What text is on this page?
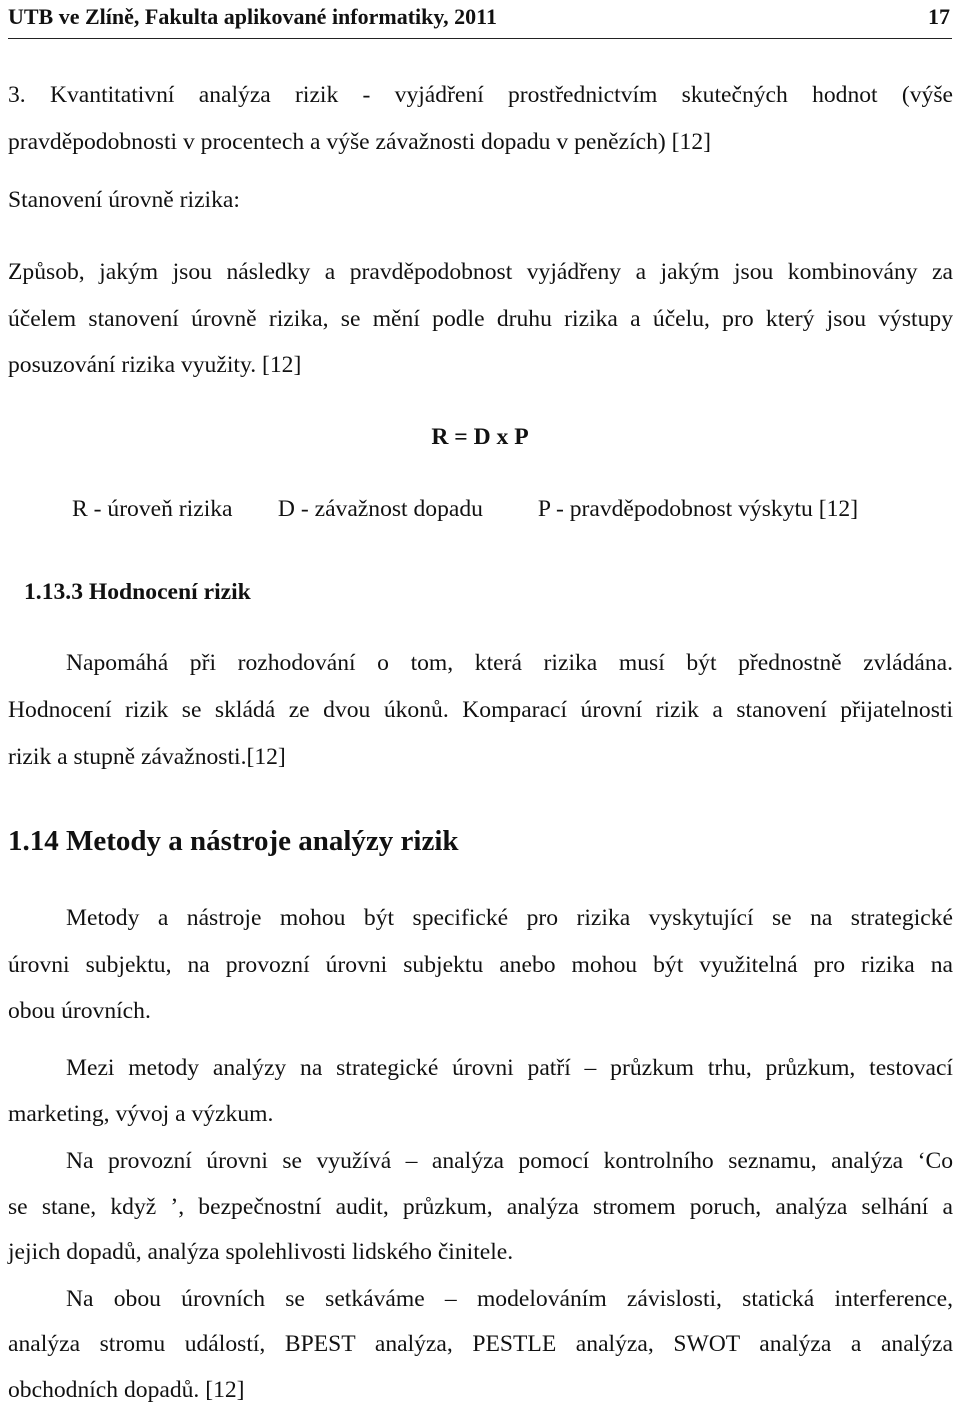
UTB ve Zlíně, Fakulta aplikované informatiky, 2011	17
3. Kvantitativní analýza rizik - vyjádření prostřednictvím skutečných hodnot (výše
pravděpodobnosti v procentech a výše závažnosti dopadu v penězích) [12]
Stanovení úrovně rizika:
Způsob, jakým jsou následky a pravděpodobnost vyjádřeny a jakým jsou kombinovány za
účelem stanovení úrovně rizika, se mění podle druhu rizika a účelu, pro který jsou výstupy
posuzování rizika využity. [12]
R = D x P
R - úroveň rizika D - závažnost dopadu P - pravděpodobnost výskytu [12]
1.13.3 Hodnocení rizik
Napomáhá při rozhodování o tom, která rizika musí být přednostně zvládána.
Hodnocení rizik se skládá ze dvou úkonů. Komparací úrovní rizik a stanovení přijatelnosti
rizik a stupně závažnosti.[12]
1.14 Metody a nástroje analýzy rizik
Metody a nástroje mohou být specifické pro rizika vyskytující se na strategické
úrovni subjektu, na provozní úrovni subjektu anebo mohou být využitelná pro rizika na
obou úrovních.
Mezi metody analýzy na strategické úrovni patří – průzkum trhu, průzkum, testovací
marketing, vývoj a výzkum.
Na provozní úrovni se využívá – analýza pomocí kontrolního seznamu, analýza ‘Co
se stane, když ’, bezpečnostní audit, průzkum, analýza stromem poruch, analýza selhání a
jejich dopadů, analýza spolehlivosti lidského činitele.
Na obou úrovních se setkáváme – modelováním závislosti, statická interference,
analýza stromu událostí, BPEST analýza, PESTLE analýza, SWOT analýza a analýza
obchodních dopadů. [12]
